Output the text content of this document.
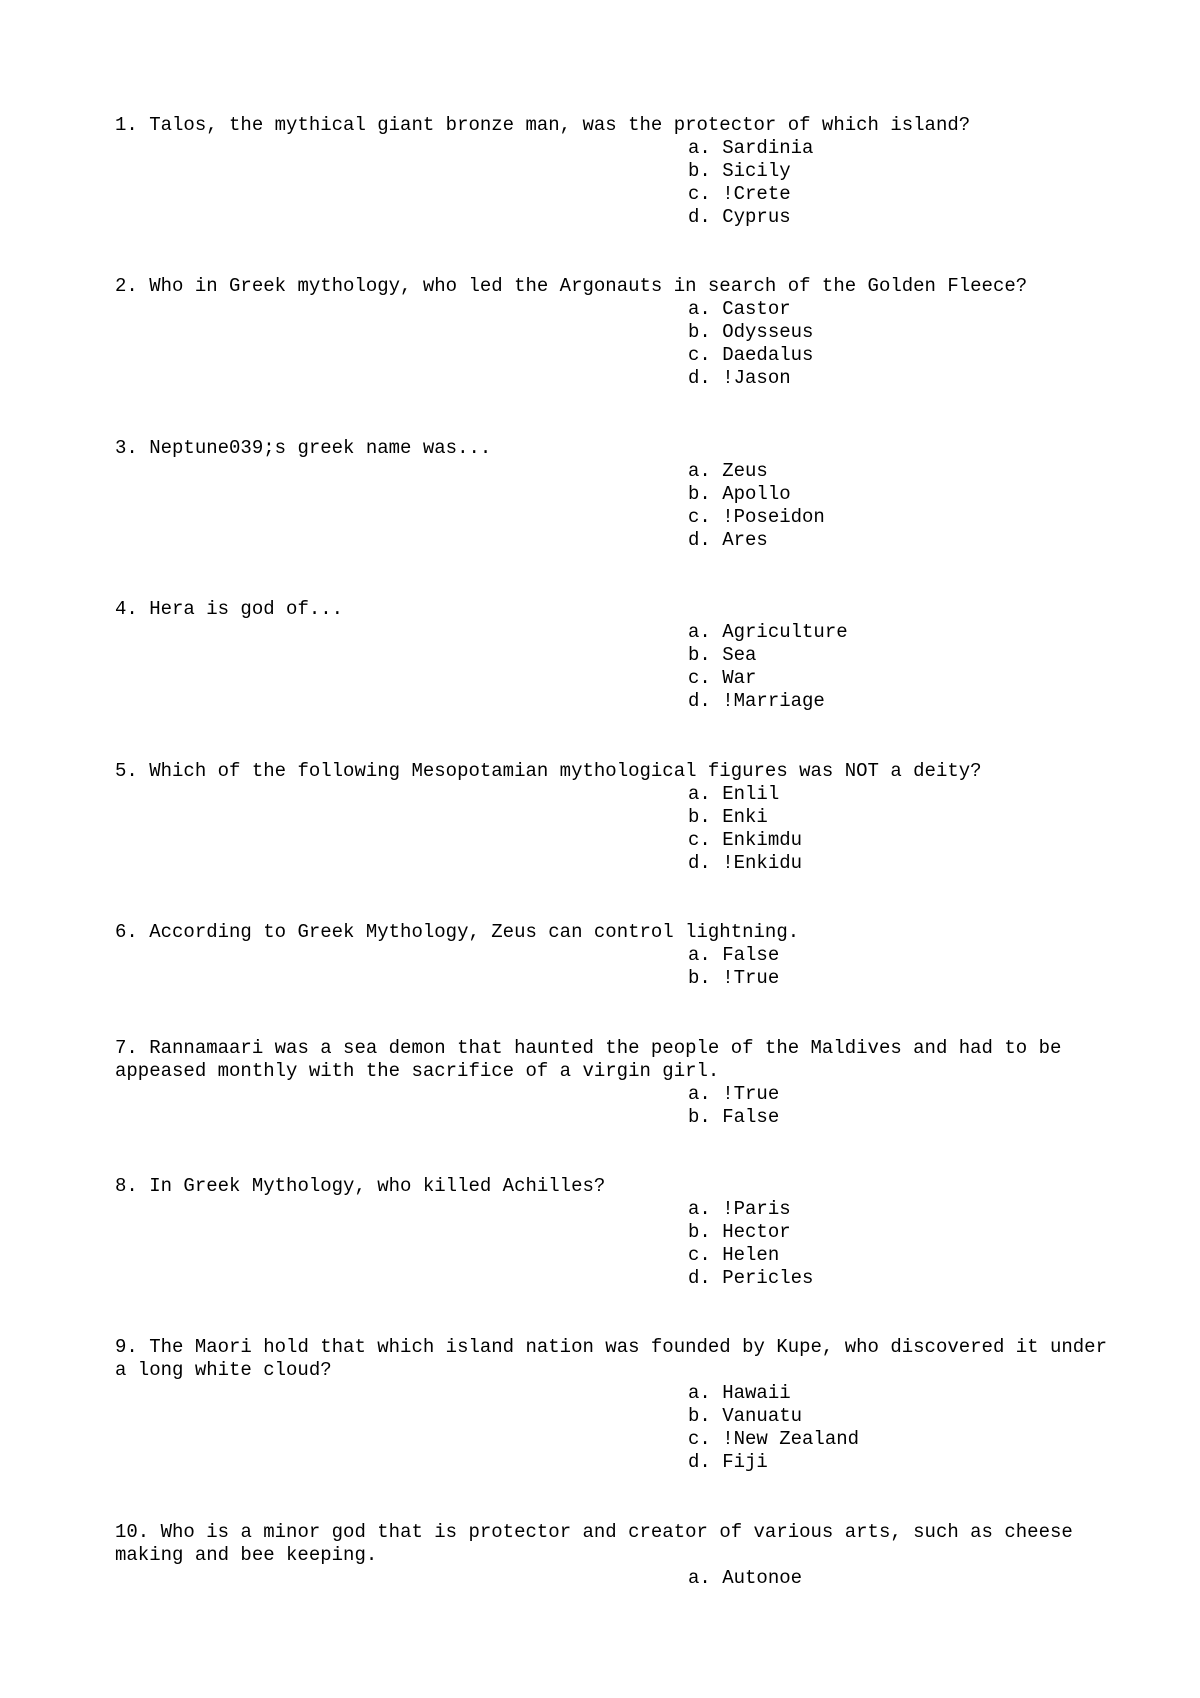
1. Talos, the mythical giant bronze man, was the protector of which island?

a. Sardinia
b. Sicily
c. !Crete
d. Cyprus

2. Who in Greek mythology, who led the Argonauts in search of the Golden Fleece?

a. Castor
b. Odysseus
c. Daedalus
d. !Jason

3. Neptune039;s greek name was...

a. Zeus
b. Apollo
c. !Poseidon
d. Ares

4. Hera is god of...

a. Agriculture
b. Sea
c. War
d. !Marriage

5. Which of the following Mesopotamian mythological figures was NOT a deity?

a. Enlil
b. Enki
c. Enkimdu
d. !Enkidu

6. According to Greek Mythology, Zeus can control lightning.

a. False
b. !True

7. Rannamaari was a sea demon that haunted the people of the Maldives and had to be appeased monthly with the sacrifice of a virgin girl.

a. !True
b. False

8. In Greek Mythology, who killed Achilles?

a. !Paris
b. Hector
c. Helen
d. Pericles

9. The Maori hold that which island nation was founded by Kupe, who discovered it under a long white cloud?

a. Hawaii
b. Vanuatu
c. !New Zealand
d. Fiji

10. Who is a minor god that is protector and creator of various arts, such as cheese making and bee keeping.

a. Autonoe
